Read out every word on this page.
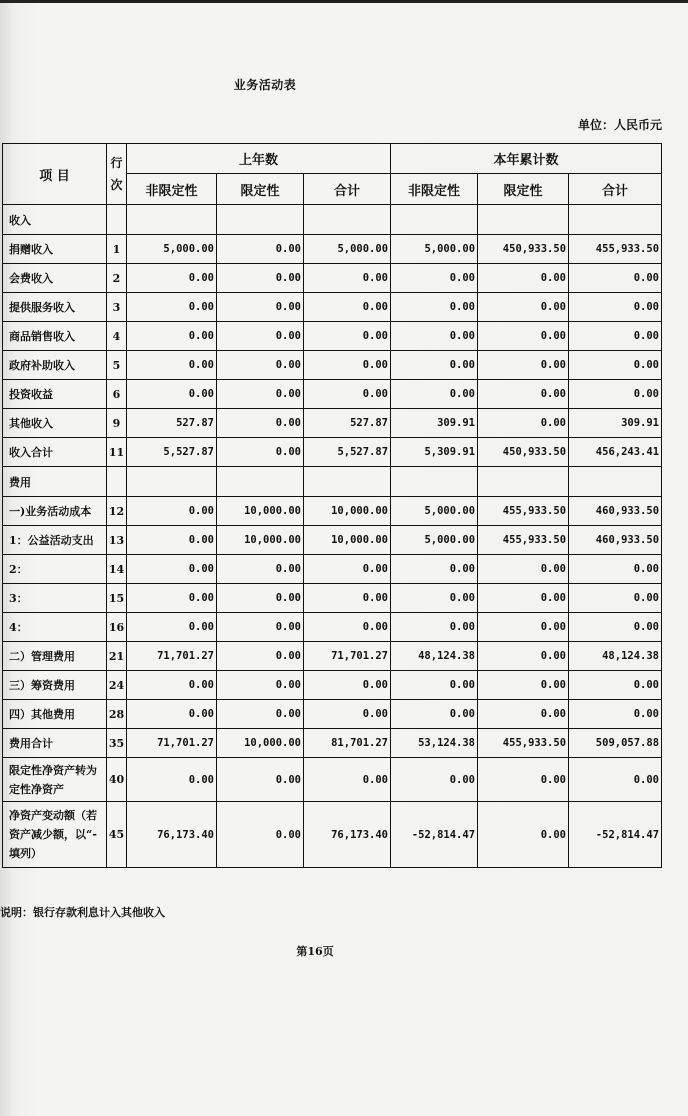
业务活动表
单位：人民币元
项 目	行次	上年数			本年累计数		
		非限定性	限定性	合计	非限定性	限定性	合计
收入							
捐赠收入	1	5,000.00	0.00	5,000.00	5,000.00	450,933.50	455,933.50
会费收入	2	0.00	0.00	0.00	0.00	0.00	0.00
提供服务收入	3	0.00	0.00	0.00	0.00	0.00	0.00
商品销售收入	4	0.00	0.00	0.00	0.00	0.00	0.00
政府补助收入	5	0.00	0.00	0.00	0.00	0.00	0.00
投资收益	6	0.00	0.00	0.00	0.00	0.00	0.00
其他收入	9	527.87	0.00	527.87	309.91	0.00	309.91
收入合计	11	5,527.87	0.00	5,527.87	5,309.91	450,933.50	456,243.41
费用							
一)业务活动成本	12	0.00	10,000.00	10,000.00	5,000.00	455,933.50	460,933.50
1：公益活动支出	13	0.00	10,000.00	10,000.00	5,000.00	455,933.50	460,933.50
2：	14	0.00	0.00	0.00	0.00	0.00	0.00
3：	15	0.00	0.00	0.00	0.00	0.00	0.00
4：	16	0.00	0.00	0.00	0.00	0.00	0.00
二）管理费用	21	71,701.27	0.00	71,701.27	48,124.38	0.00	48,124.38
三）筹资费用	24	0.00	0.00	0.00	0.00	0.00	0.00
四）其他费用	28	0.00	0.00	0.00	0.00	0.00	0.00
费用合计	35	71,701.27	10,000.00	81,701.27	53,124.38	455,933.50	509,057.88
限定性净资产转为定性净资产	40	0.00	0.00	0.00	0.00	0.00	0.00
净资产变动额（若资产减少额，以“-填列）	45	76,173.40	0.00	76,173.40	-52,814.47	0.00	-52,814.47
说明：银行存款利息计入其他收入
第16页
